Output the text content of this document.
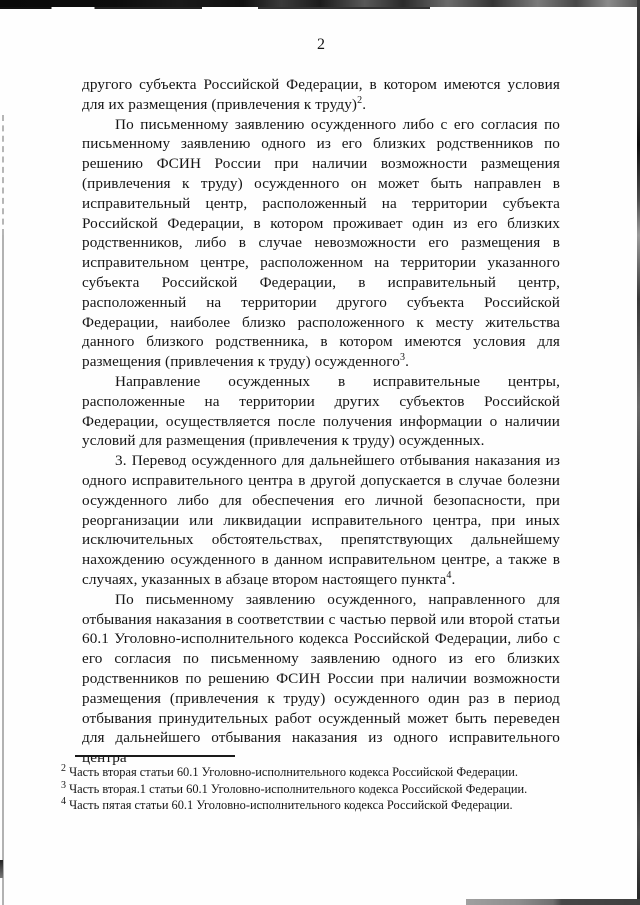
2

другого субъекта Российской Федерации, в котором имеются условия для их размещения (привлечения к труду)$^2$.

По письменному заявлению осужденного либо с его согласия по письменному заявлению одного из его близких родственников по решению ФСИН России при наличии возможности размещения (привлечения к труду) осужденного он может быть направлен в исправительный центр, расположенный на территории субъекта Российской Федерации, в котором проживает один из его близких родственников, либо в случае невозможности его размещения в исправительном центре, расположенном на территории указанного субъекта Российской Федерации, в исправительный центр, расположенный на территории другого субъекта Российской Федерации, наиболее близко расположенного к месту жительства данного близкого родственника, в котором имеются условия для размещения (привлечения к труду) осужденного$^3$.

Направление осужденных в исправительные центры, расположенные на территории других субъектов Российской Федерации, осуществляется после получения информации о наличии условий для размещения (привлечения к труду) осужденных.

3. Перевод осужденного для дальнейшего отбывания наказания из одного исправительного центра в другой допускается в случае болезни осужденного либо для обеспечения его личной безопасности, при реорганизации или ликвидации исправительного центра, при иных исключительных обстоятельствах, препятствующих дальнейшему нахождению осужденного в данном исправительном центре, а также в случаях, указанных в абзаце втором настоящего пункта$^4$.

По письменному заявлению осужденного, направленного для отбывания наказания в соответствии с частью первой или второй статьи 60.1 Уголовно-исполнительного кодекса Российской Федерации, либо с его согласия по письменному заявлению одного из его близких родственников по решению ФСИН России при наличии возможности размещения (привлечения к труду) осужденного один раз в период отбывания принудительных работ осужденный может быть переведен для дальнейшего отбывания наказания из одного исправительного центра

$^2$ Часть вторая статьи 60.1 Уголовно-исполнительного кодекса Российской Федерации.
$^3$ Часть вторая.1 статьи 60.1 Уголовно-исполнительного кодекса Российской Федерации.
$^4$ Часть пятая статьи 60.1 Уголовно-исполнительного кодекса Российской Федерации.
